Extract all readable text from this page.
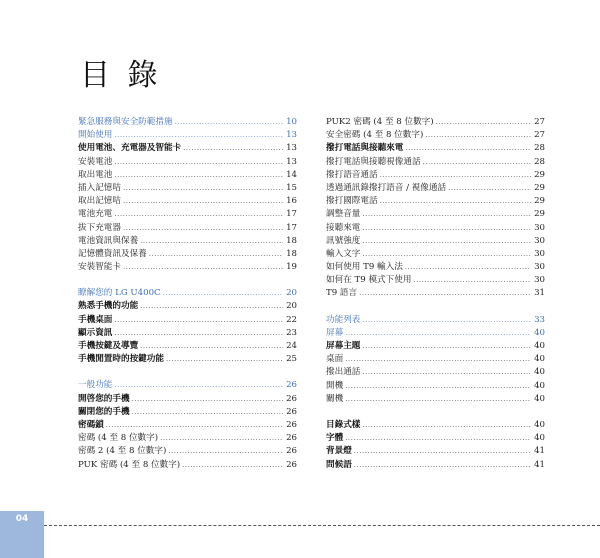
目 錄
緊急服務與安全防範措施 .....	10
開始使用 .....	13
使用電池、充電器及智能卡 .....	13
安裝電池 .....	13
取出電池 .....	14
插入記憶咭 .....	15
取出記憶咭 .....	16
電池充電 .....	17
拔下充電器 .....	17
電池資訊與保養 .....	18
記憶體資訊及保養 .....	18
安裝智能卡 .....	19
瞭解您的 LG U400C .....	20
熟悉手機的功能 .....	20
手機桌面 .....	22
顯示資訊 .....	23
手機按鍵及導覽 .....	24
手機閒置時的按鍵功能 .....	25
一般功能 .....	26
開啓您的手機 .....	26
關閉您的手機 .....	26
密碼鎖 .....	26
密碼 (4 至 8 位數字) .....	26
密碼 2 (4 至 8 位數字) .....	26
PUK 密碼 (4 至 8 位數字) .....	26
PUK2 密碼 (4 至 8 位數字) .....	27
安全密碼 (4 至 8 位數字) .....	27
撥打電話與接聽來電 .....	28
撥打電話與接聽視像通話 .....	28
撥打語音通話 .....	29
透過通訊錄撥打語音 / 視像通話 .....	29
撥打國際電話 .....	29
調整音量 .....	29
接聽來電 .....	30
訊號強度 .....	30
輸入文字 .....	30
如何使用 T9 輸入法 .....	30
如何在 T9 模式下使用 .....	30
T9 語言 .....	31
功能列表 .....	33
屏幕 .....	40
屏幕主題 .....	40
桌面 .....	40
撥出通話 .....	40
開機 .....	40
關機 .....	40
目錄式樣 .....	40
字體 .....	40
背景燈 .....	41
問候語 .....	41
04
